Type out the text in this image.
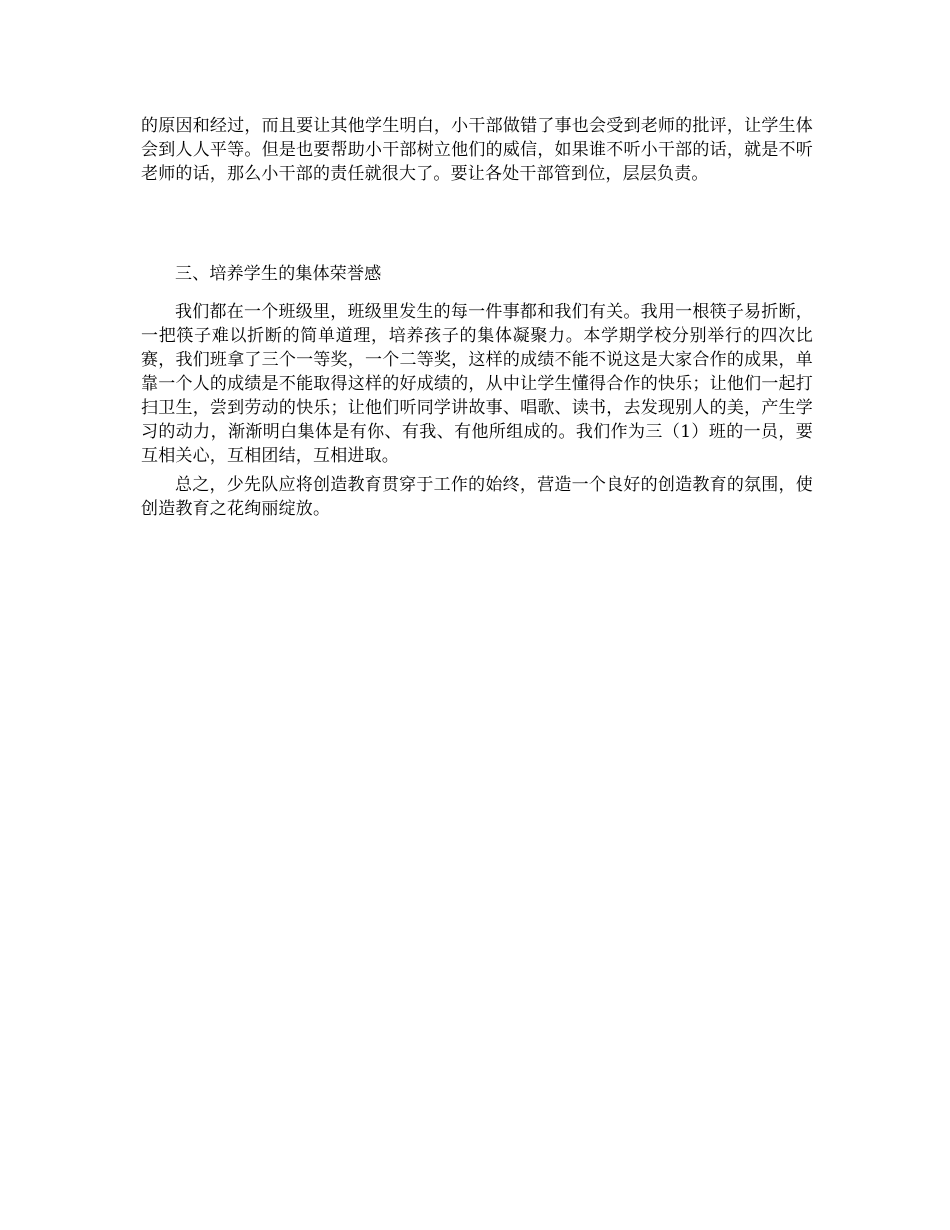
的原因和经过，而且要让其他学生明白，小干部做错了事也会受到老师的批评，让学生体会到人人平等。但是也要帮助小干部树立他们的威信，如果谁不听小干部的话，就是不听老师的话，那么小干部的责任就很大了。要让各处干部管到位，层层负责。

三、培养学生的集体荣誉感

我们都在一个班级里，班级里发生的每一件事都和我们有关。我用一根筷子易折断，一把筷子难以折断的简单道理，培养孩子的集体凝聚力。本学期学校分别举行的四次比赛，我们班拿了三个一等奖，一个二等奖，这样的成绩不能不说这是大家合作的成果，单靠一个人的成绩是不能取得这样的好成绩的，从中让学生懂得合作的快乐；让他们一起打扫卫生，尝到劳动的快乐；让他们听同学讲故事、唱歌、读书，去发现别人的美，产生学习的动力，渐渐明白集体是有你、有我、有他所组成的。我们作为三（1）班的一员，要互相关心，互相团结，互相进取。

总之，少先队应将创造教育贯穿于工作的始终，营造一个良好的创造教育的氛围，使创造教育之花绚丽绽放。
